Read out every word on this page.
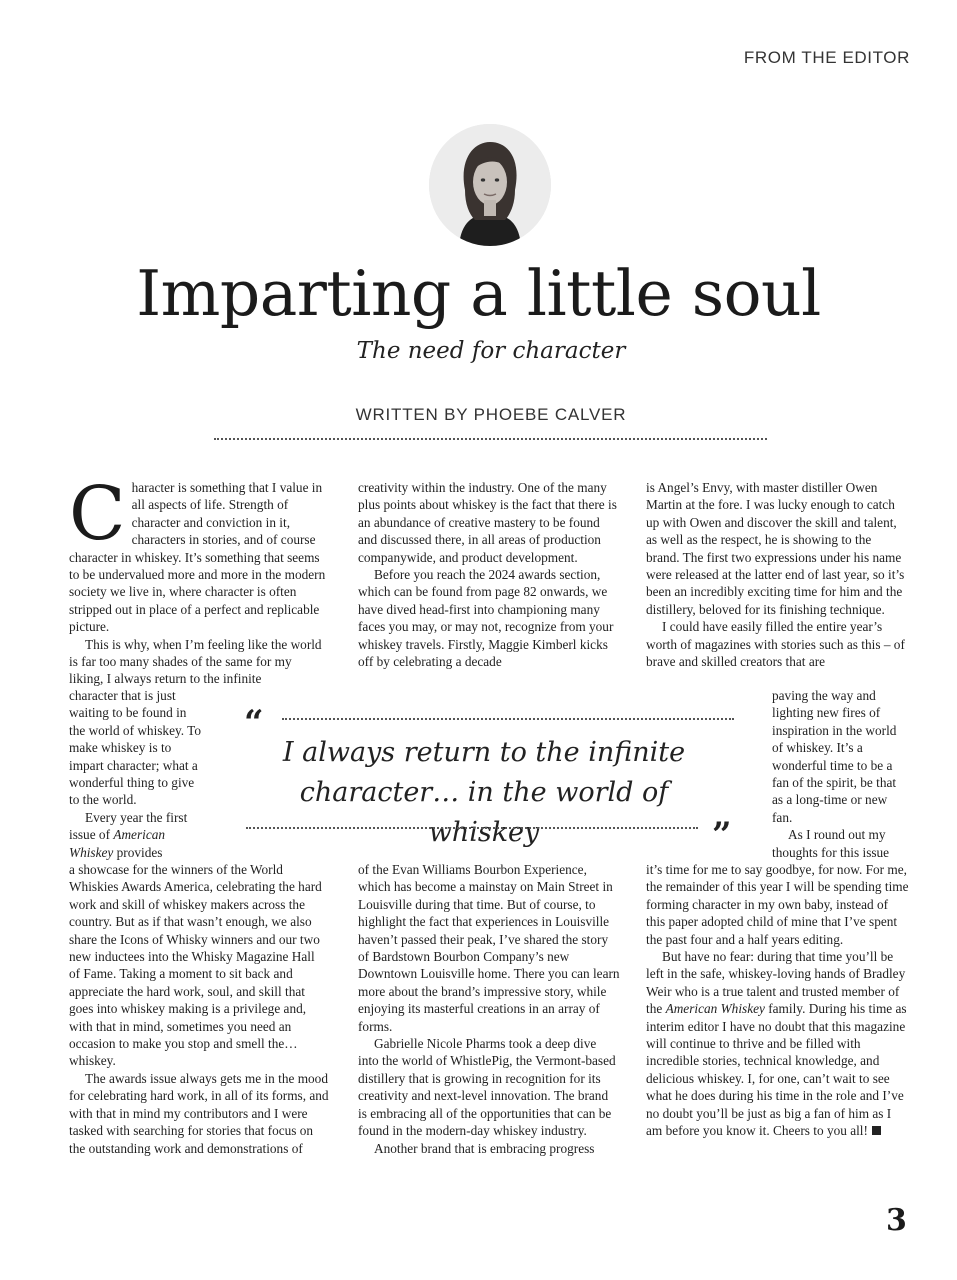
FROM THE EDITOR
Imparting a little soul
The need for character
WRITTEN BY PHOEBE CALVER

Character is something that I value in all aspects of life. Strength of character and conviction in it, characters in stories, and of course character in whiskey. It’s something that seems to be undervalued more and more in the modern society we live in, where character is often stripped out in place of a perfect and replicable picture.

This is why, when I’m feeling like the world is far too many shades of the same for my liking, I always return to the infinite

character that is just waiting to be found in the world of whiskey. To make whiskey is to impart character; what a wonderful thing to give to the world.

Every year the first issue of American Whiskey provides

a showcase for the winners of the World Whiskies Awards America, celebrating the hard work and skill of whiskey makers across the country. But as if that wasn’t enough, we also share the Icons of Whisky winners and our two new inductees into the Whisky Magazine Hall of Fame. Taking a moment to sit back and appreciate the hard work, soul, and skill that goes into whiskey making is a privilege and, with that in mind, sometimes you need an occasion to make you stop and smell the… whiskey.

The awards issue always gets me in the mood for celebrating hard work, in all of its forms, and with that in mind my contributors and I were tasked with searching for stories that focus on the outstanding work and demonstrations of

creativity within the industry. One of the many plus points about whiskey is the fact that there is an abundance of creative mastery to be found and discussed there, in all areas of production companywide, and product development.

Before you reach the 2024 awards section, which can be found from page 82 onwards, we have dived head-first into championing many faces you may, or may not, recognize from your whiskey travels. Firstly, Maggie Kimberl kicks off by celebrating a decade

of the Evan Williams Bourbon Experience, which has become a mainstay on Main Street in Louisville during that time. But of course, to highlight the fact that experiences in Louisville haven’t passed their peak, I’ve shared the story of Bardstown Bourbon Company’s new Downtown Louisville home. There you can learn more about the brand’s impressive story, while enjoying its masterful creations in an array of forms.

Gabrielle Nicole Pharms took a deep dive into the world of WhistlePig, the Vermont-based distillery that is growing in recognition for its creativity and next-level innovation. The brand is embracing all of the opportunities that can be found in the modern-day whiskey industry.

Another brand that is embracing progress

is Angel’s Envy, with master distiller Owen Martin at the fore. I was lucky enough to catch up with Owen and discover the skill and talent, as well as the respect, he is showing to the brand. The first two expressions under his name were released at the latter end of last year, so it’s been an incredibly exciting time for him and the distillery, beloved for its finishing technique.

I could have easily filled the entire year’s worth of magazines with stories such as this – of brave and skilled creators that are

paving the way and lighting new fires of inspiration in the world of whiskey. It’s a wonderful time to be a fan of the spirit, be that as a long-time or new fan.

As I round out my thoughts for this issue

it’s time for me to say goodbye, for now. For me, the remainder of this year I will be spending time forming character in my own baby, instead of this paper adopted child of mine that I’ve spent the past four and a half years editing.

But have no fear: during that time you’ll be left in the safe, whiskey-loving hands of Bradley Weir who is a true talent and trusted member of the American Whiskey family. During his time as interim editor I have no doubt that this magazine will continue to thrive and be filled with incredible stories, technical knowledge, and delicious whiskey. I, for one, can’t wait to see what he does during his time in the role and I’ve no doubt you’ll be just as big a fan of him as I am before you know it. Cheers to you all!

“
I always return to the infinite
character… in the world of whiskey	”
3
